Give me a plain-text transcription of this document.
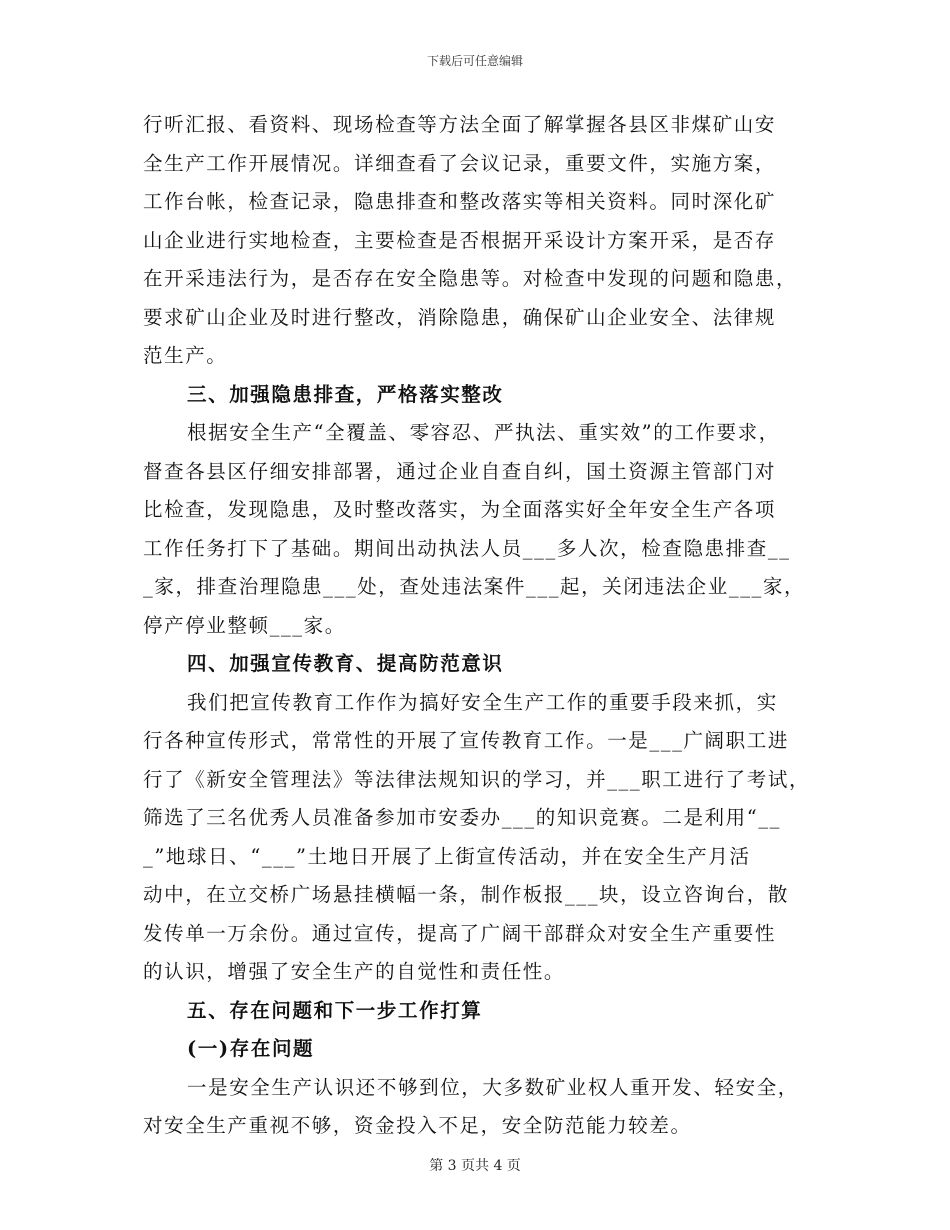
下载后可任意编辑
行听汇报、看资料、现场检查等方法全面了解掌握各县区非煤矿山安
全生产工作开展情况。详细查看了会议记录，重要文件，实施方案，
工作台帐，检查记录，隐患排查和整改落实等相关资料。同时深化矿
山企业进行实地检查，主要检查是否根据开采设计方案开采，是否存
在开采违法行为，是否存在安全隐患等。对检查中发现的问题和隐患，
要求矿山企业及时进行整改，消除隐患，确保矿山企业安全、法律规
范生产。
三、加强隐患排查，严格落实整改
根据安全生产“全覆盖、零容忍、严执法、重实效”的工作要求，
督查各县区仔细安排部署，通过企业自查自纠，国土资源主管部门对
比检查，发现隐患，及时整改落实，为全面落实好全年安全生产各项
工作任务打下了基础。期间出动执法人员___多人次，检查隐患排查__
_家，排查治理隐患___处，查处违法案件___起，关闭违法企业___家，
停产停业整顿___家。
四、加强宣传教育、提高防范意识
我们把宣传教育工作作为搞好安全生产工作的重要手段来抓，实
行各种宣传形式，常常性的开展了宣传教育工作。一是___广阔职工进
行了《新安全管理法》等法律法规知识的学习，并___职工进行了考试，
筛选了三名优秀人员准备参加市安委办___的知识竞赛。二是利用“__
_”地球日、“___”土地日开展了上街宣传活动，并在安全生产月活
动中，在立交桥广场悬挂横幅一条，制作板报___块，设立咨询台，散
发传单一万余份。通过宣传，提高了广阔干部群众对安全生产重要性
的认识，增强了安全生产的自觉性和责任性。
五、存在问题和下一步工作打算
(一)存在问题
一是安全生产认识还不够到位，大多数矿业权人重开发、轻安全，
对安全生产重视不够，资金投入不足，安全防范能力较差。
第 3 页共 4 页
